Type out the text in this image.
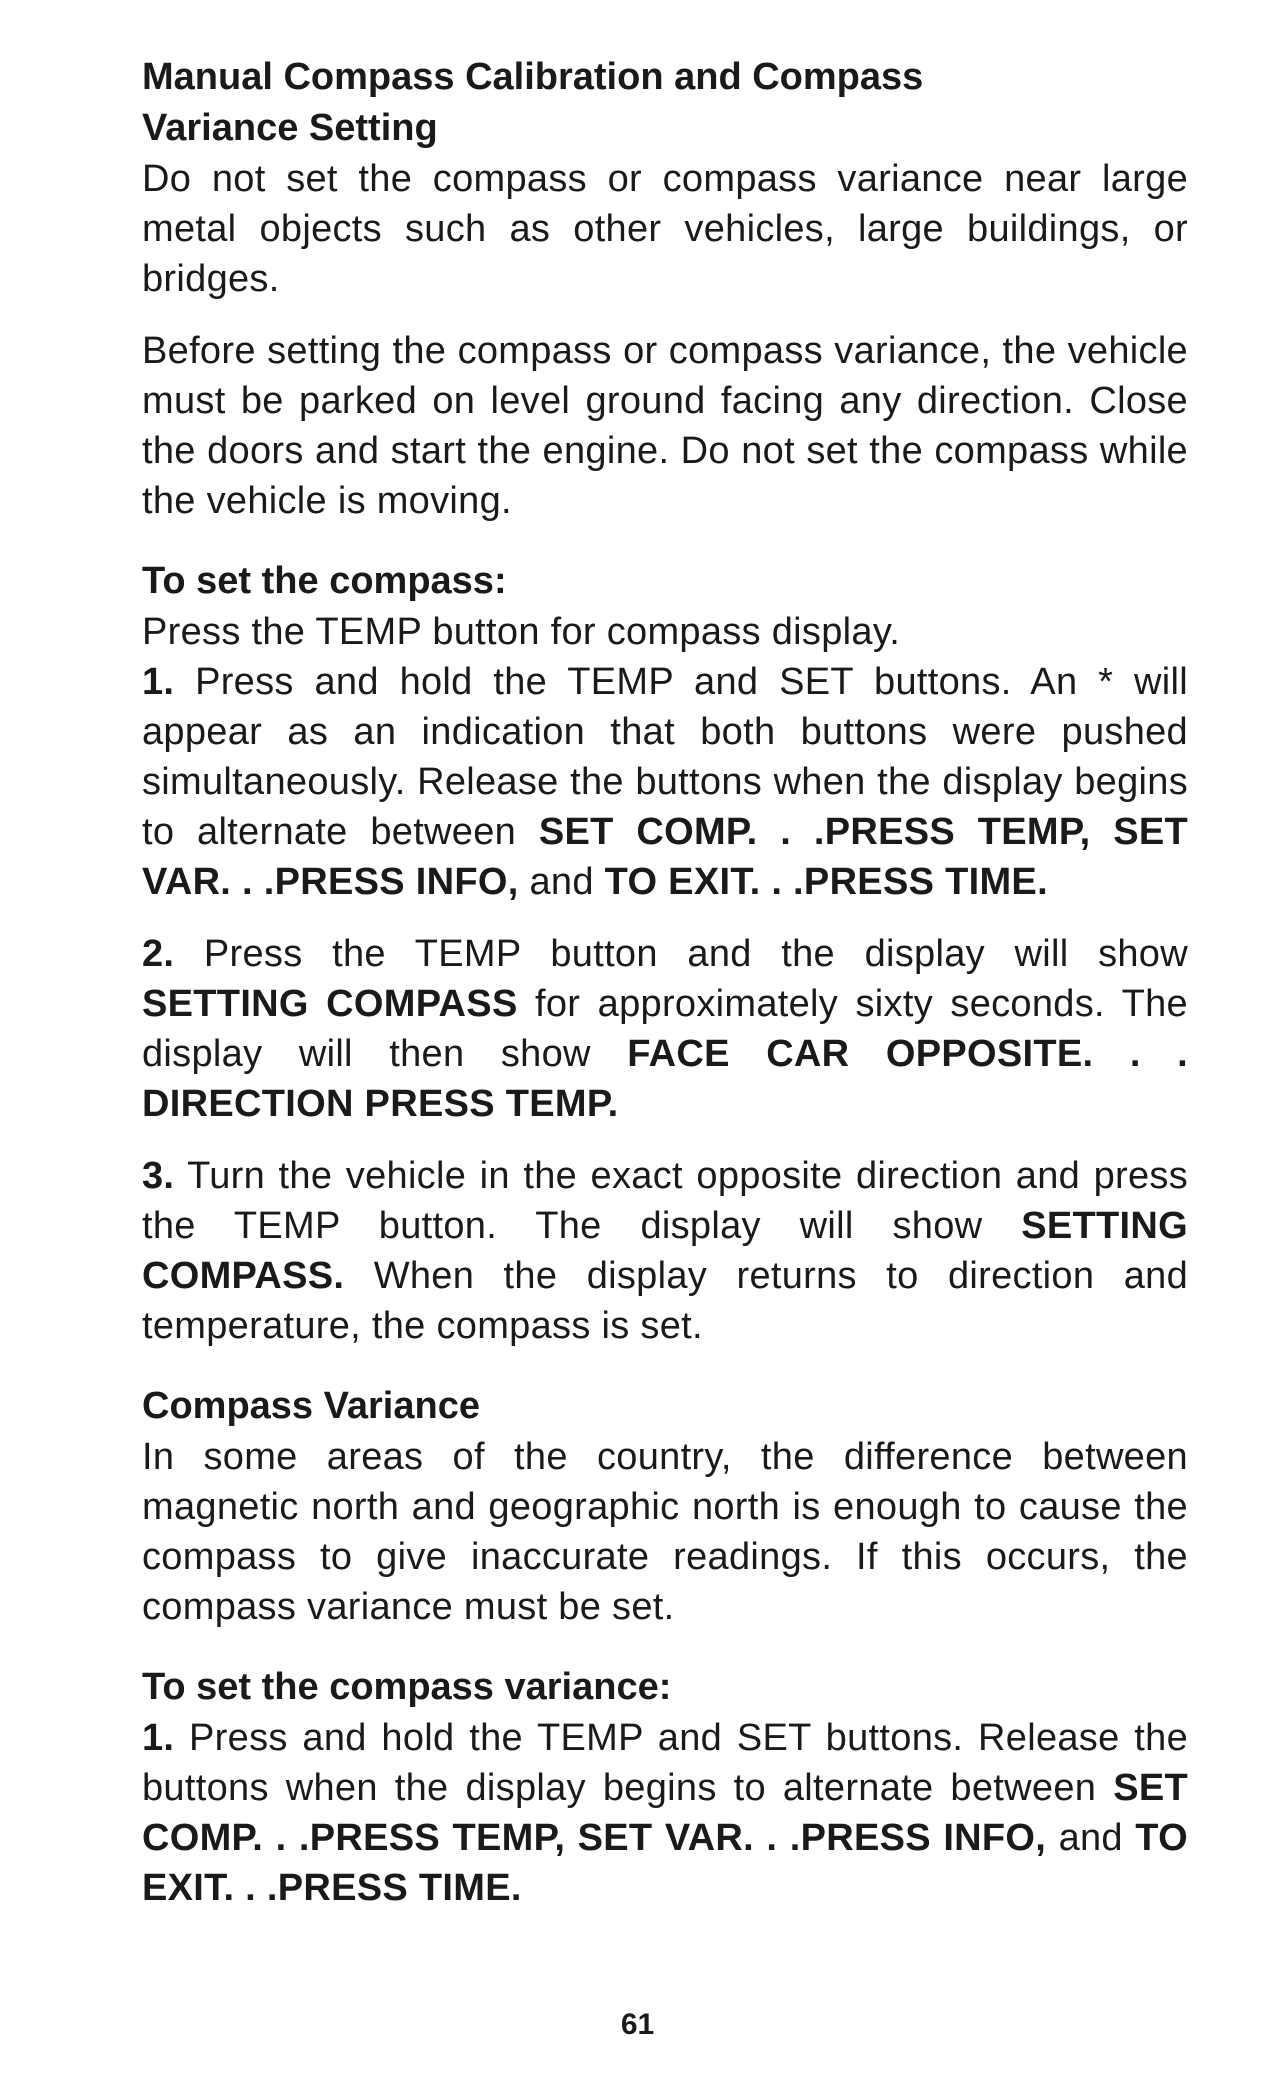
Manual Compass Calibration and Compass
Variance Setting

Do not set the compass or compass variance near large metal objects such as other vehicles, large buildings, or bridges.

Before setting the compass or compass variance, the vehicle must be parked on level ground facing any direction. Close the doors and start the engine. Do not set the compass while the vehicle is moving.

To set the compass:

Press the TEMP button for compass display.

1. Press and hold the TEMP and SET buttons. An * will appear as an indication that both buttons were pushed simultaneously. Release the buttons when the display begins to alternate between SET COMP. . .PRESS TEMP, SET VAR. . .PRESS INFO, and TO EXIT. . .PRESS TIME.

2. Press the TEMP button and the display will show SETTING COMPASS for approximately sixty seconds. The display will then show FACE CAR OPPOSITE. . . DIRECTION PRESS TEMP.

3. Turn the vehicle in the exact opposite direction and press the TEMP button. The display will show SETTING COMPASS. When the display returns to direction and temperature, the compass is set.

Compass Variance

In some areas of the country, the difference between magnetic north and geographic north is enough to cause the compass to give inaccurate readings. If this occurs, the compass variance must be set.

To set the compass variance:

1. Press and hold the TEMP and SET buttons. Release the buttons when the display begins to alternate between SET COMP. . .PRESS TEMP, SET VAR. . .PRESS INFO, and TO EXIT. . .PRESS TIME.

61
